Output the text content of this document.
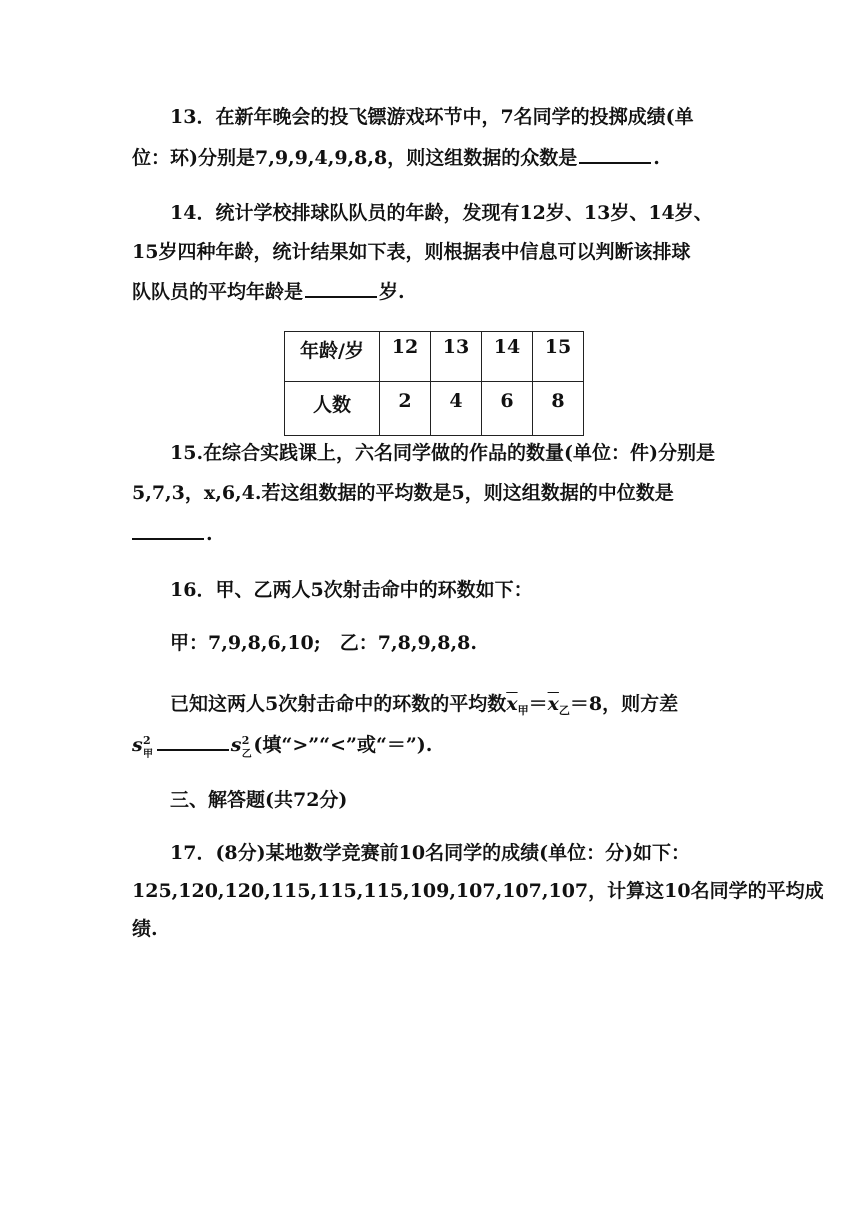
13．在新年晚会的投飞镖游戏环节中，7名同学的投掷成绩(单
位：环)分别是7,9,9,4,9,8,8，则这组数据的众数是	.
14．统计学校排球队队员的年龄，发现有12岁、13岁、14岁、
15岁四种年龄，统计结果如下表，则根据表中信息可以判断该排球
队队员的平均年龄是	岁.
年龄/岁	12	13	14	15
人数	2	4	6	8
15.在综合实践课上，六名同学做的作品的数量(单位：件)分别是
5,7,3，x,6,4.若这组数据的平均数是5，则这组数据的中位数是
.
16．甲、乙两人5次射击命中的环数如下：
甲：7,9,8,6,10;　乙：7,8,9,8,8.
已知这两人5次射击命中的环数的平均数$\overline{x}_甲=\overline{x}_乙=8$，则方差
s 2
甲	s 2
乙 (填“>”“<”或“＝”).
三、解答题(共72分)
17．(8分)某地数学竞赛前10名同学的成绩(单位：分)如下：
125,120,120,115,115,115,109,107,107,107，计算这10名同学的平均成
绩.
